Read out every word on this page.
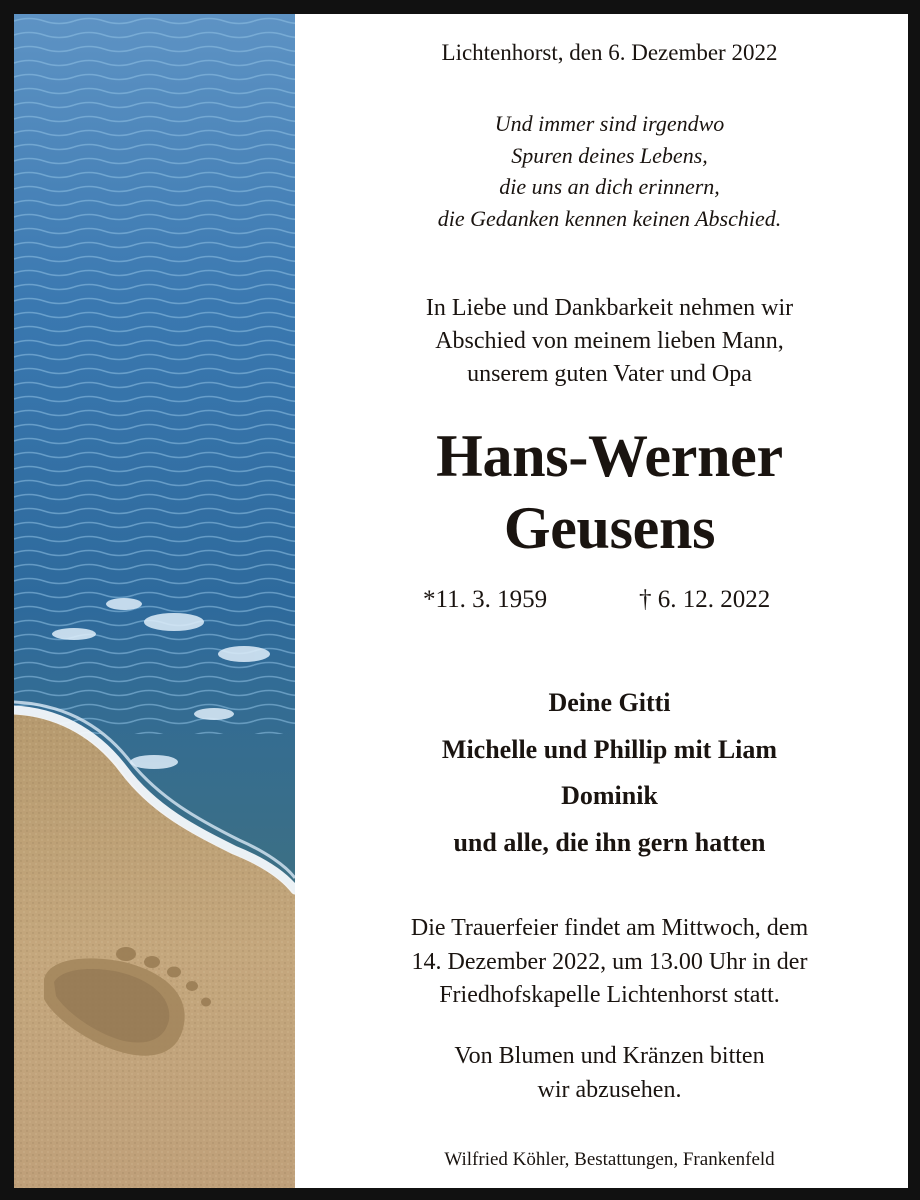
Lichtenhorst, den 6. Dezember 2022

Und immer sind irgendwo
Spuren deines Lebens,
die uns an dich erinnern,
die Gedanken kennen keinen Abschied.

In Liebe und Dankbarkeit nehmen wir
Abschied von meinem lieben Mann,
unserem guten Vater und Opa

Hans-Werner
Geusens
*11. 3. 1959	† 6. 12. 2022

Deine Gitti
Michelle und Phillip mit Liam
Dominik
und alle, die ihn gern hatten

Die Trauerfeier findet am Mittwoch, dem
14. Dezember 2022, um 13.00 Uhr in der
Friedhofskapelle Lichtenhorst statt.

Von Blumen und Kränzen bitten
wir abzusehen.

Wilfried Köhler, Bestattungen, Frankenfeld
